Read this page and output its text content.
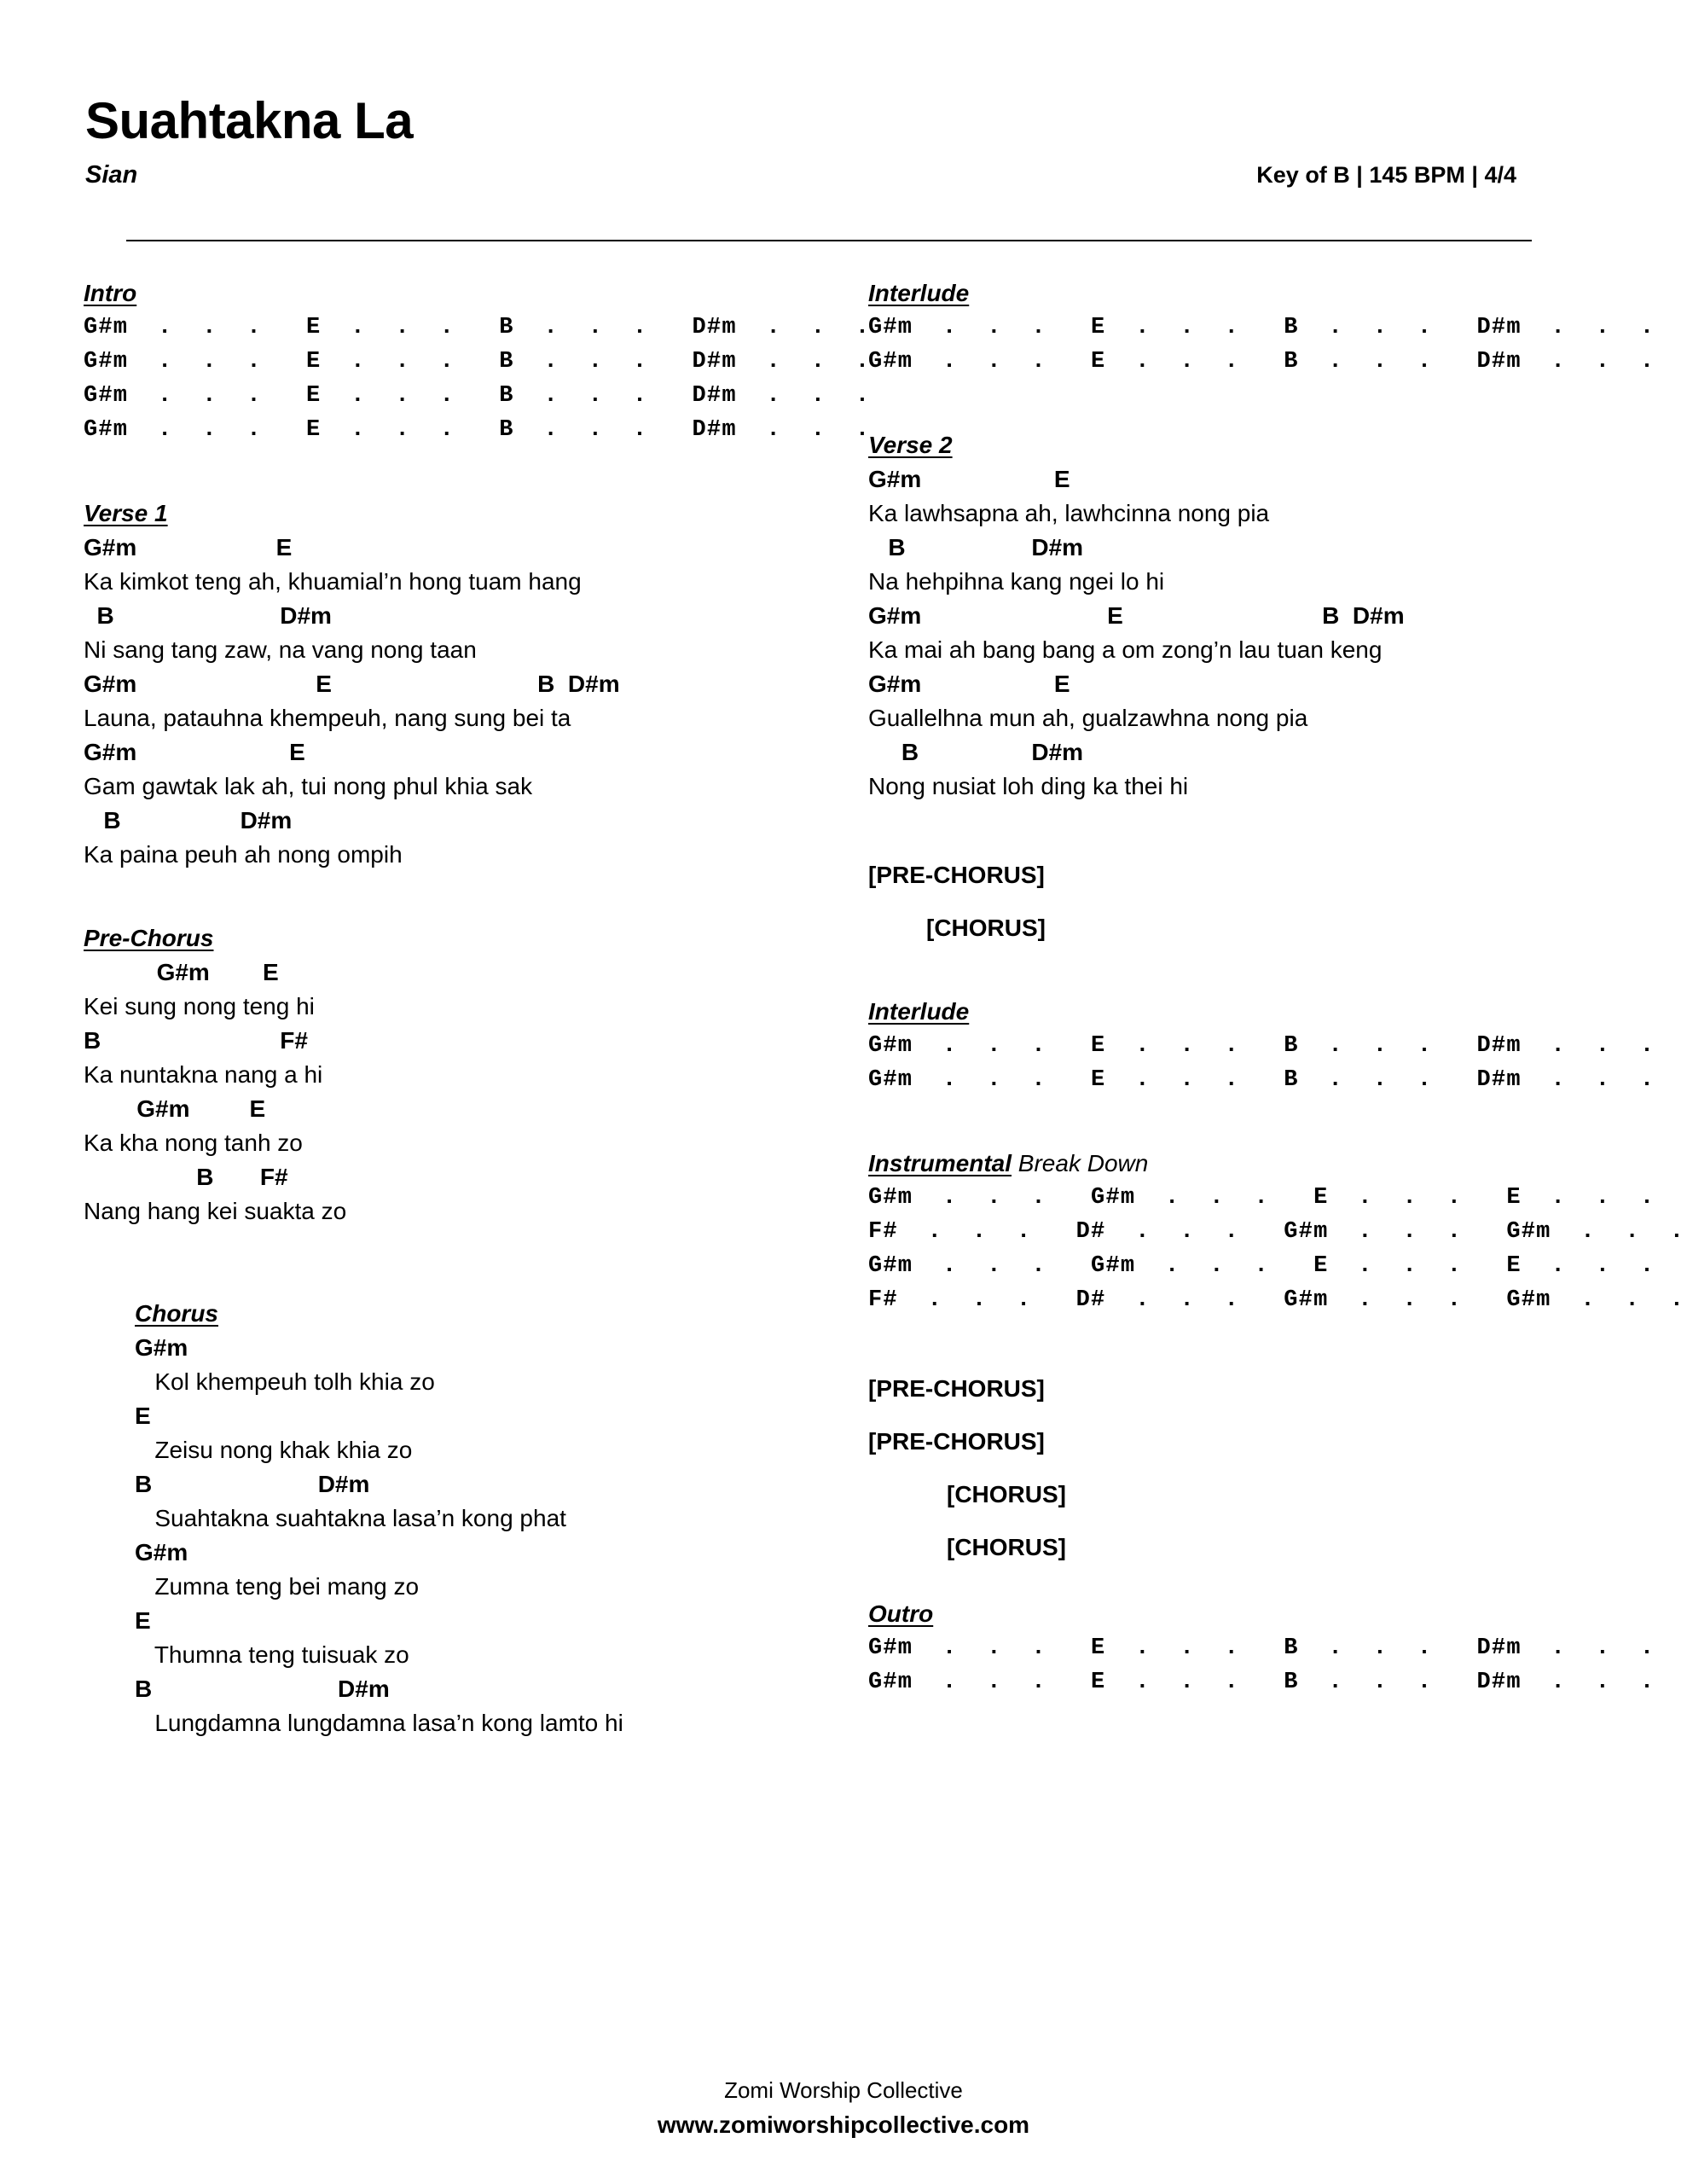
Suahtakna La
Sian	Key of B | 145 BPM | 4/4
Intro
G#m  .  .  .   E  .  .  .   B  .  .  .   D#m  .  .  .
G#m  .  .  .   E  .  .  .   B  .  .  .   D#m  .  .  .
G#m  .  .  .   E  .  .  .   B  .  .  .   D#m  .  .  .
G#m  .  .  .   E  .  .  .   B  .  .  .   D#m  .  .  .
Verse 1
G#m                     E
Ka kimkot teng ah, khuamial’n hong tuam hang
B                         D#m
Ni sang tang zaw, na vang nong taan
G#m                           E                               B  D#m
Launa, patauhna khempeuh, nang sung bei ta
G#m                       E
Gam gawtak lak ah, tui nong phul khia sak
B                  D#m
Ka paina peuh ah nong ompih
Pre-Chorus
G#m        E
Kei sung nong teng hi
B                           F#
Ka nuntakna nang a hi
G#m         E
Ka kha nong tanh zo
B       F#
Nang hang kei suakta zo
Chorus
G#m
Kol khempeuh tolh khia zo
E
Zeisu nong khak khia zo
B                         D#m
Suahtakna suahtakna lasa’n kong phat
G#m
Zumna teng bei mang zo
E
Thumna teng tuisuak zo
B                            D#m
Lungdamna lungdamna lasa’n kong lamto hi
Interlude
G#m  .  .  .   E  .  .  .   B  .  .  .   D#m  .  .  .
G#m  .  .  .   E  .  .  .   B  .  .  .   D#m  .  .  .
Verse 2
G#m                    E
Ka lawhsapna ah, lawhcinna nong pia
B                   D#m
Na hehpihna kang ngei lo hi
G#m                            E                              B  D#m
Ka mai ah bang bang a om zong’n lau tuan keng
G#m                    E
Guallelhna mun ah, gualzawhna nong pia
B                 D#m
Nong nusiat loh ding ka thei hi
[PRE-CHORUS]
[CHORUS]
Interlude
G#m  .  .  .   E  .  .  .   B  .  .  .   D#m  .  .  .
G#m  .  .  .   E  .  .  .   B  .  .  .   D#m  .  .  .
Instrumental Break Down
G#m  .  .  .   G#m  .  .  .   E  .  .  .   E  .  .  .
F#  .  .  .   D#  .  .  .   G#m  .  .  .   G#m  .  .  .
G#m  .  .  .   G#m  .  .  .   E  .  .  .   E  .  .  .
F#  .  .  .   D#  .  .  .   G#m  .  .  .   G#m  .  .  .
[PRE-CHORUS]
[PRE-CHORUS]
[CHORUS]
[CHORUS]
Outro
G#m  .  .  .   E  .  .  .   B  .  .  .   D#m  .  .  .
G#m  .  .  .   E  .  .  .   B  .  .  .   D#m  .  .  .
Zomi Worship Collective
www.zomiworshipcollective.com
